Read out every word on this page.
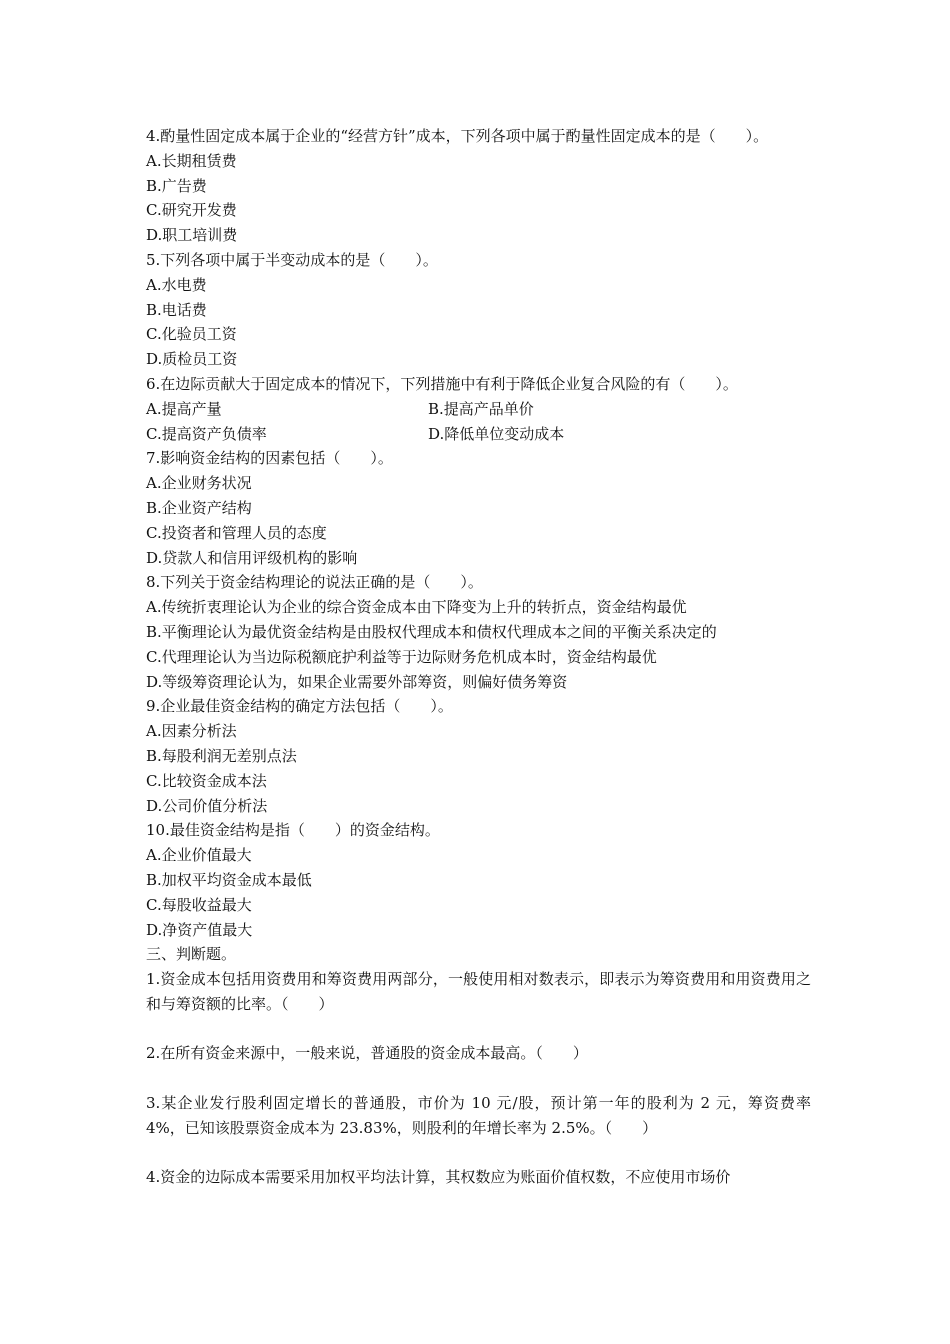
4.酌量性固定成本属于企业的“经营方针”成本，下列各项中属于酌量性固定成本的是（　　）。
A.长期租赁费
B.广告费
C.研究开发费
D.职工培训费
5.下列各项中属于半变动成本的是（　　）。
A.水电费
B.电话费
C.化验员工资
D.质检员工资
6.在边际贡献大于固定成本的情况下，下列措施中有利于降低企业复合风险的有（　　）。
A.提高产量	B.提高产品单价
C.提高资产负债率	D.降低单位变动成本
7.影响资金结构的因素包括（　　）。
A.企业财务状况
B.企业资产结构
C.投资者和管理人员的态度
D.贷款人和信用评级机构的影响
8.下列关于资金结构理论的说法正确的是（　　）。
A.传统折衷理论认为企业的综合资金成本由下降变为上升的转折点，资金结构最优
B.平衡理论认为最优资金结构是由股权代理成本和债权代理成本之间的平衡关系决定的
C.代理理论认为当边际税额庇护利益等于边际财务危机成本时，资金结构最优
D.等级筹资理论认为，如果企业需要外部筹资，则偏好债务筹资
9.企业最佳资金结构的确定方法包括（　　）。
A.因素分析法
B.每股利润无差别点法
C.比较资金成本法
D.公司价值分析法
10.最佳资金结构是指（　　）的资金结构。
A.企业价值最大
B.加权平均资金成本最低
C.每股收益最大
D.净资产值最大
三、判断题。
1.资金成本包括用资费用和筹资费用两部分，一般使用相对数表示，即表示为筹资费用和用资费用之和与筹资额的比率。（　　）
2.在所有资金来源中，一般来说，普通股的资金成本最高。（　　）
3.某企业发行股利固定增长的普通股，市价为 10 元/股，预计第一年的股利为 2 元，筹资费率 4%，已知该股票资金成本为 23.83%，则股利的年增长率为 2.5%。（　　）
4.资金的边际成本需要采用加权平均法计算，其权数应为账面价值权数，不应使用市场价
